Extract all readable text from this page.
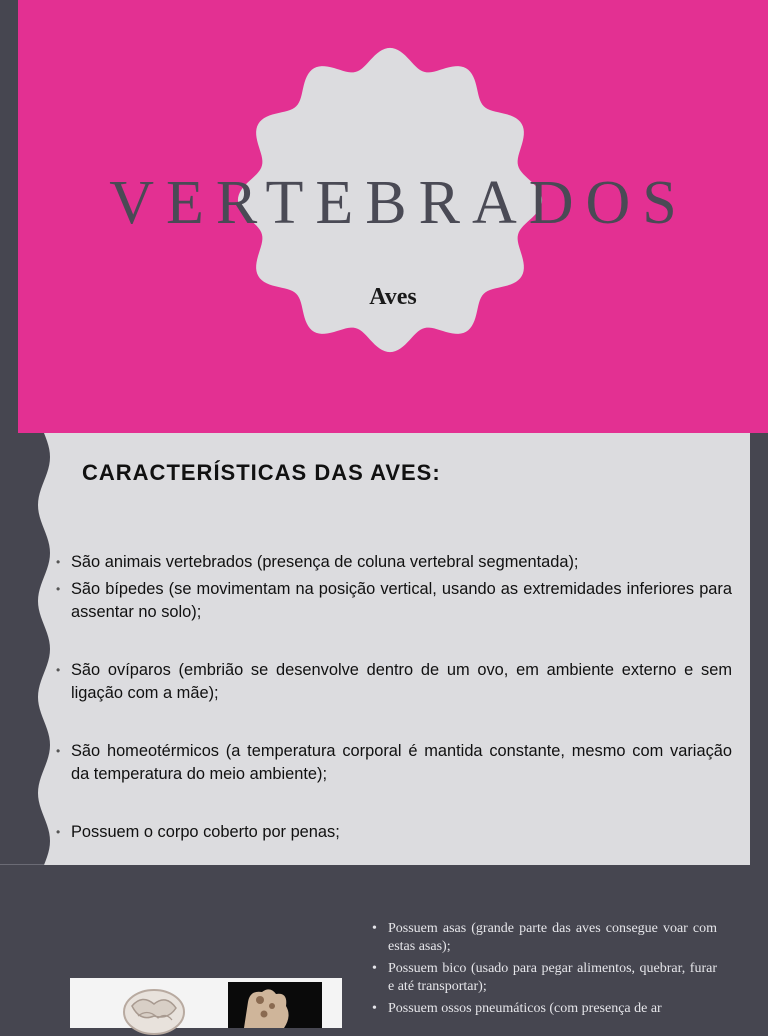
VERTEBRADOS
Aves
CARACTERÍSTICAS DAS AVES:
• São animais vertebrados (presença de coluna vertebral segmentada);
• São bípedes (se movimentam na posição vertical, usando as extremidades inferiores para assentar no solo);
• São ovíparos (embrião se desenvolve dentro de um ovo, em ambiente externo e sem ligação com a mãe);
• São homeotérmicos (a temperatura corporal é mantida constante, mesmo com variação da temperatura do meio ambiente);
• Possuem o corpo coberto por penas;
• Possuem asas (grande parte das aves consegue voar com estas asas);
• Possuem bico (usado para pegar alimentos, quebrar, furar e até transportar);
• Possuem ossos pneumáticos (com presença de ar
